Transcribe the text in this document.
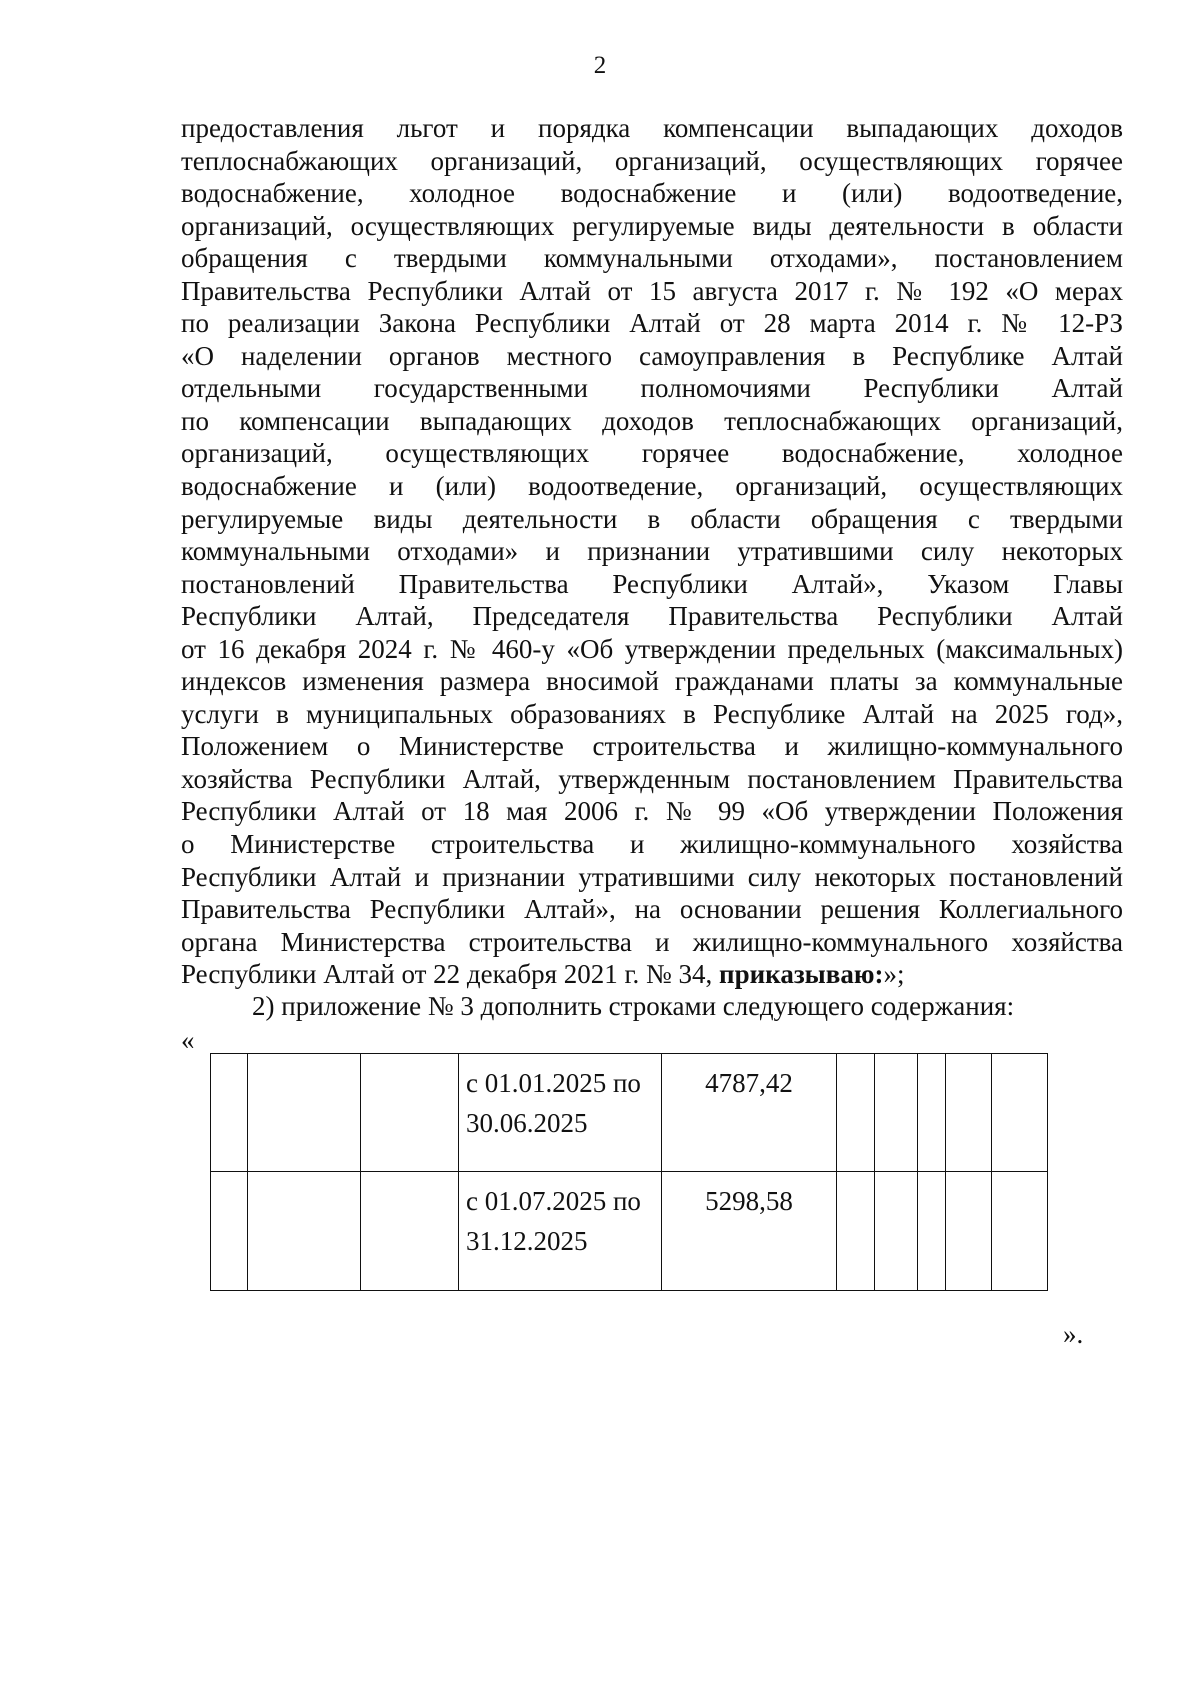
2
предоставления льгот и порядка компенсации выпадающих доходов
теплоснабжающих организаций, организаций, осуществляющих горячее
водоснабжение, холодное водоснабжение и (или) водоотведение,
организаций, осуществляющих регулируемые виды деятельности в области
обращения с твердыми коммунальными отходами», постановлением
Правительства Республики Алтай от 15 августа 2017 г. № 192 «О мерах
по реализации Закона Республики Алтай от 28 марта 2014 г. № 12-РЗ
«О наделении органов местного самоуправления в Республике Алтай
отдельными государственными полномочиями Республики Алтай
по компенсации выпадающих доходов теплоснабжающих организаций,
организаций, осуществляющих горячее водоснабжение, холодное
водоснабжение и (или) водоотведение, организаций, осуществляющих
регулируемые виды деятельности в области обращения с твердыми
коммунальными отходами» и признании утратившими силу некоторых
постановлений Правительства Республики Алтай», Указом Главы
Республики Алтай, Председателя Правительства Республики Алтай
от 16 декабря 2024 г. № 460-у «Об утверждении предельных (максимальных)
индексов изменения размера вносимой гражданами платы за коммунальные
услуги в муниципальных образованиях в Республике Алтай на 2025 год»,
Положением о Министерстве строительства и жилищно-коммунального
хозяйства Республики Алтай, утвержденным постановлением Правительства
Республики Алтай от 18 мая 2006 г. № 99 «Об утверждении Положения
о Министерстве строительства и жилищно-коммунального хозяйства
Республики Алтай и признании утратившими силу некоторых постановлений
Правительства Республики Алтай», на основании решения Коллегиального
органа Министерства строительства и жилищно-коммунального хозяйства
Республики Алтай от 22 декабря 2021 г. № 34, приказываю:»;
2) приложение № 3 дополнить строками следующего содержания:
«
			с 01.01.2025 по 30.06.2025	4787,42					
			с 01.07.2025 по 31.12.2025	5298,58					
».
